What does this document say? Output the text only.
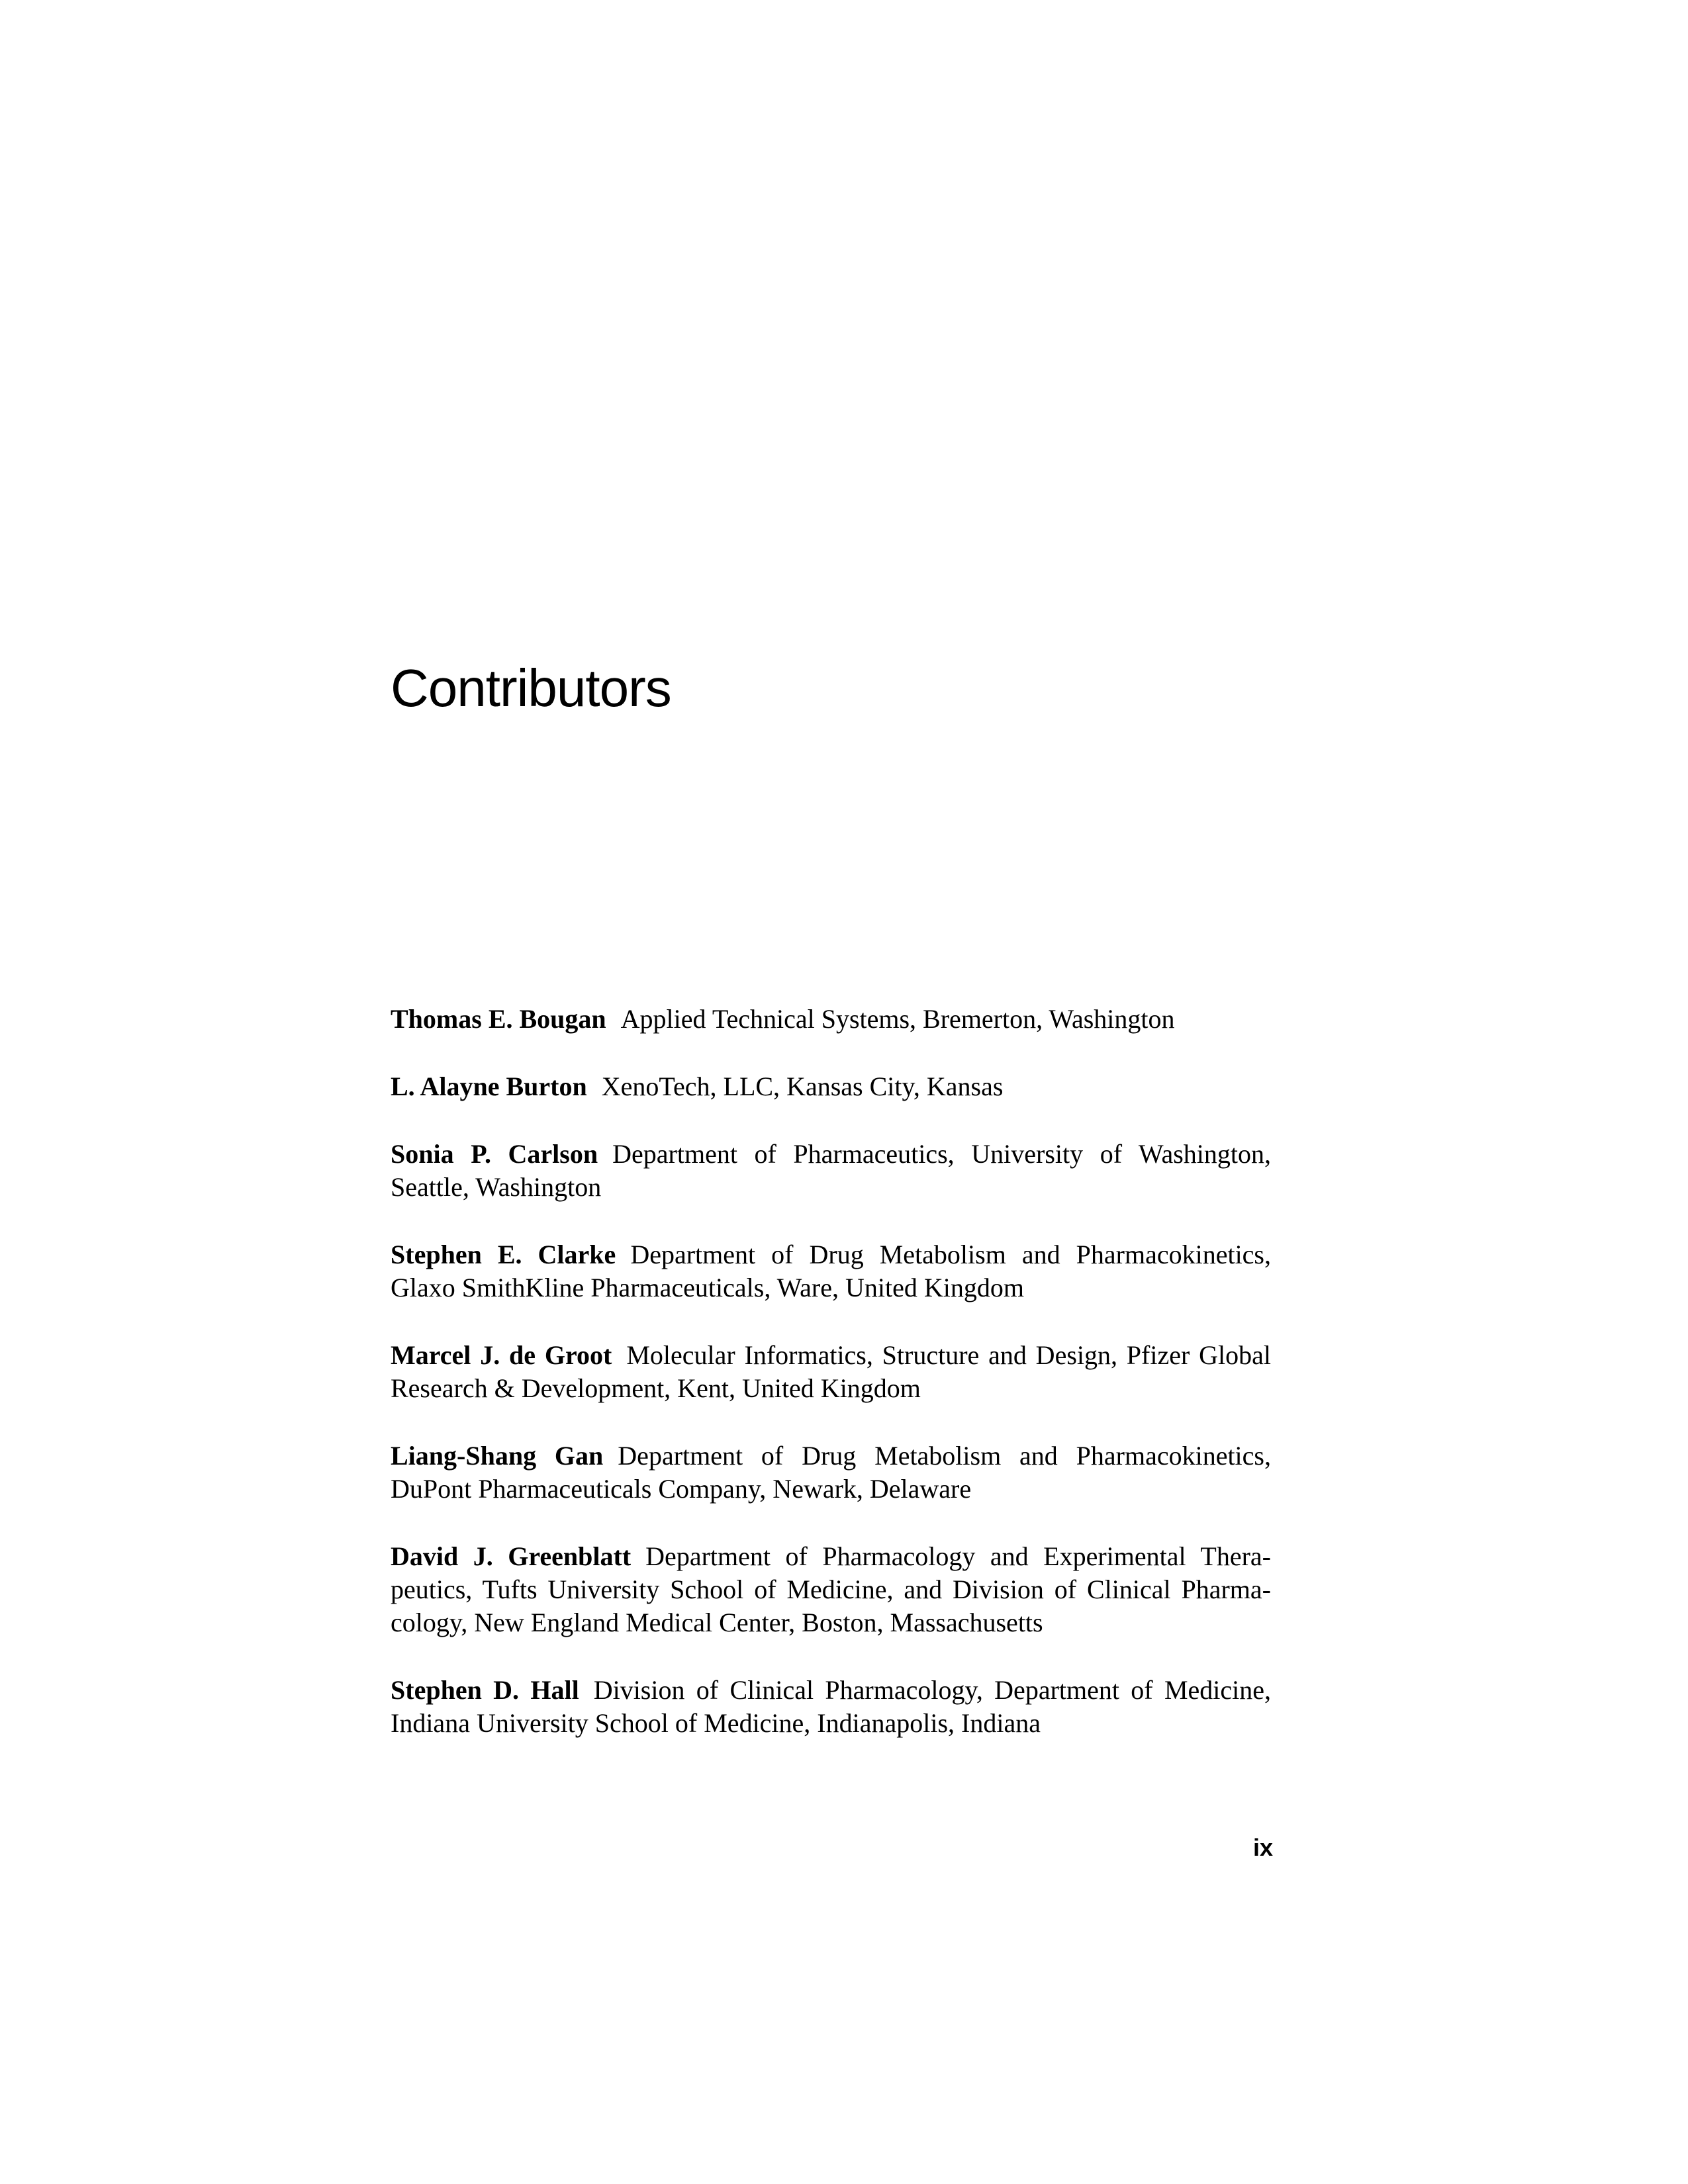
Contributors
Thomas E. Bougan Applied Technical Systems, Bremerton, Washington
L. Alayne Burton XenoTech, LLC, Kansas City, Kansas
Sonia P. Carlson Department of Pharmaceutics, University of Washington, Seattle, Washington
Stephen E. Clarke Department of Drug Metabolism and Pharmacokinetics, Glaxo SmithKline Pharmaceuticals, Ware, United Kingdom
Marcel J. de Groot Molecular Informatics, Structure and Design, Pfizer Global Research & Development, Kent, United Kingdom
Liang-Shang Gan Department of Drug Metabolism and Pharmacokinetics, DuPont Pharmaceuticals Company, Newark, Delaware
David J. Greenblatt Department of Pharmacology and Experimental Thera-peutics, Tufts University School of Medicine, and Division of Clinical Pharma-cology, New England Medical Center, Boston, Massachusetts
Stephen D. Hall Division of Clinical Pharmacology, Department of Medicine, Indiana University School of Medicine, Indianapolis, Indiana
ix
